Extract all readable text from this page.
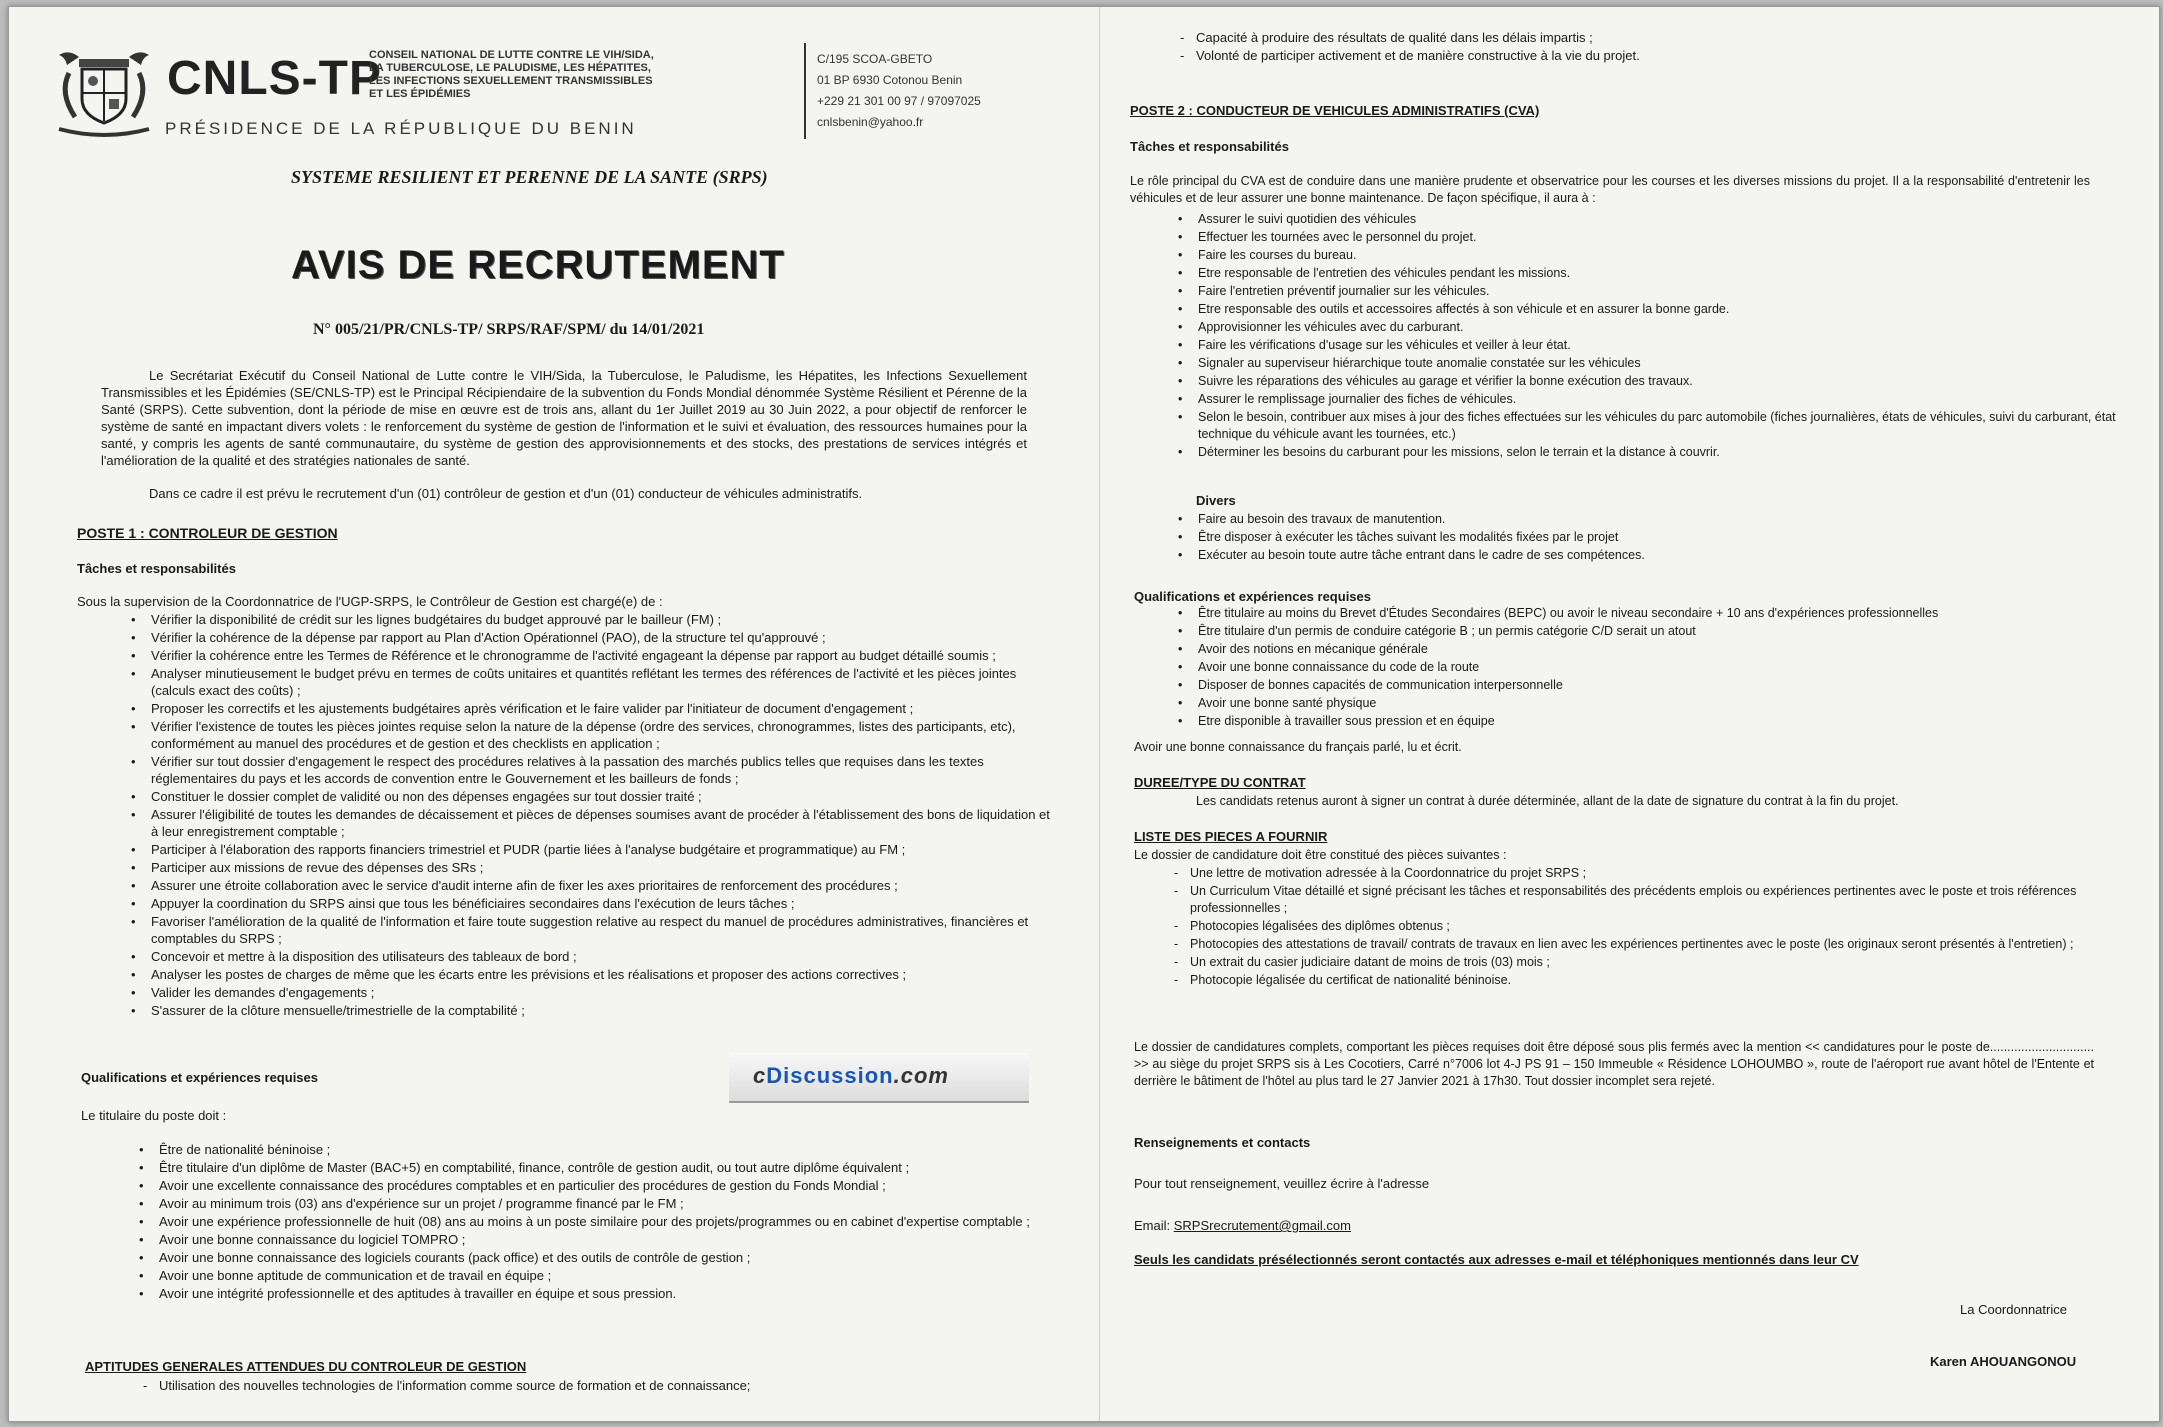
CNLS-TP
CONSEIL NATIONAL DE LUTTE CONTRE LE VIH/SIDA,
LA TUBERCULOSE, LE PALUDISME, LES HÉPATITES,
LES INFECTIONS SEXUELLEMENT TRANSMISSIBLES
ET LES ÉPIDÉMIES
PRÉSIDENCE DE LA RÉPUBLIQUE DU BENIN
C/195 SCOA-GBETO
01 BP 6930 Cotonou Benin
+229 21 301 00 97 / 97097025
cnlsbenin@yahoo.fr
SYSTEME RESILIENT ET PERENNE DE LA SANTE (SRPS)
AVIS DE RECRUTEMENT
N° 005/21/PR/CNLS-TP/ SRPS/RAF/SPM/ du 14/01/2021
Le Secrétariat Exécutif du Conseil National de Lutte contre le VIH/Sida, la Tuberculose, le Paludisme, les Hépatites, les Infections Sexuellement Transmissibles et les Épidémies (SE/CNLS-TP) est le Principal Récipiendaire de la subvention du Fonds Mondial dénommée Système Résilient et Pérenne de la Santé (SRPS). Cette subvention, dont la période de mise en œuvre est de trois ans, allant du 1er Juillet 2019 au 30 Juin 2022, a pour objectif de renforcer le système de santé en impactant divers volets : le renforcement du système de gestion de l'information et le suivi et évaluation, des ressources humaines pour la santé, y compris les agents de santé communautaire, du système de gestion des approvisionnements et des stocks, des prestations de services intégrés et l'amélioration de la qualité et des stratégies nationales de santé.
Dans ce cadre il est prévu le recrutement d'un (01) contrôleur de gestion et d'un (01) conducteur de véhicules administratifs.
POSTE 1 : CONTROLEUR DE GESTION
Tâches et responsabilités
Sous la supervision de la Coordonnatrice de l'UGP-SRPS, le Contrôleur de Gestion est chargé(e) de :
• Vérifier la disponibilité de crédit sur les lignes budgétaires du budget approuvé par le bailleur (FM) ;
• Vérifier la cohérence de la dépense par rapport au Plan d'Action Opérationnel (PAO), de la structure tel qu'approuvé ;
• Vérifier la cohérence entre les Termes de Référence et le chronogramme de l'activité engageant la dépense par rapport au budget détaillé soumis ;
• Analyser minutieusement le budget prévu en termes de coûts unitaires et quantités reflétant les termes des références de l'activité et les pièces jointes (calculs exact des coûts) ;
• Proposer les correctifs et les ajustements budgétaires après vérification et le faire valider par l'initiateur de document d'engagement ;
• Vérifier l'existence de toutes les pièces jointes requise selon la nature de la dépense (ordre des services, chronogrammes, listes des participants, etc), conformément au manuel des procédures et de gestion et des checklists en application ;
• Vérifier sur tout dossier d'engagement le respect des procédures relatives à la passation des marchés publics telles que requises dans les textes réglementaires du pays et les accords de convention entre le Gouvernement et les bailleurs de fonds ;
• Constituer le dossier complet de validité ou non des dépenses engagées sur tout dossier traité ;
• Assurer l'éligibilité de toutes les demandes de décaissement et pièces de dépenses soumises avant de procéder à l'établissement des bons de liquidation et à leur enregistrement comptable ;
• Participer à l'élaboration des rapports financiers trimestriel et PUDR (partie liées à l'analyse budgétaire et programmatique) au FM ;
• Participer aux missions de revue des dépenses des SRs ;
• Assurer une étroite collaboration avec le service d'audit interne afin de fixer les axes prioritaires de renforcement des procédures ;
• Appuyer la coordination du SRPS ainsi que tous les bénéficiaires secondaires dans l'exécution de leurs tâches ;
• Favoriser l'amélioration de la qualité de l'information et faire toute suggestion relative au respect du manuel de procédures administratives, financières et comptables du SRPS ;
• Concevoir et mettre à la disposition des utilisateurs des tableaux de bord ;
• Analyser les postes de charges de même que les écarts entre les prévisions et les réalisations et proposer des actions correctives ;
• Valider les demandes d'engagements ;
• S'assurer de la clôture mensuelle/trimestrielle de la comptabilité ;
Qualifications et expériences requises	cDiscussion.com
Le titulaire du poste doit :
• Être de nationalité béninoise ;
• Être titulaire d'un diplôme de Master (BAC+5) en comptabilité, finance, contrôle de gestion audit, ou tout autre diplôme équivalent ;
• Avoir une excellente connaissance des procédures comptables et en particulier des procédures de gestion du Fonds Mondial ;
• Avoir au minimum trois (03) ans d'expérience sur un projet / programme financé par le FM ;
• Avoir une expérience professionnelle de huit (08) ans au moins à un poste similaire pour des projets/programmes ou en cabinet d'expertise comptable ;
• Avoir une bonne connaissance du logiciel TOMPRO ;
• Avoir une bonne connaissance des logiciels courants (pack office) et des outils de contrôle de gestion ;
• Avoir une bonne aptitude de communication et de travail en équipe ;
• Avoir une intégrité professionnelle et des aptitudes à travailler en équipe et sous pression.
APTITUDES GENERALES ATTENDUES DU CONTROLEUR DE GESTION
- Utilisation des nouvelles technologies de l'information comme source de formation et de connaissance;
- Capacité à produire des résultats de qualité dans les délais impartis ;
- Volonté de participer activement et de manière constructive à la vie du projet.
POSTE 2 : CONDUCTEUR DE VEHICULES ADMINISTRATIFS (CVA)
Tâches et responsabilités
Le rôle principal du CVA est de conduire dans une manière prudente et observatrice pour les courses et les diverses missions du projet. Il a la responsabilité d'entretenir les véhicules et de leur assurer une bonne maintenance. De façon spécifique, il aura à :
• Assurer le suivi quotidien des véhicules
• Effectuer les tournées avec le personnel du projet.
• Faire les courses du bureau.
• Etre responsable de l'entretien des véhicules pendant les missions.
• Faire l'entretien préventif journalier sur les véhicules.
• Etre responsable des outils et accessoires affectés à son véhicule et en assurer la bonne garde.
• Approvisionner les véhicules avec du carburant.
• Faire les vérifications d'usage sur les véhicules et veiller à leur état.
• Signaler au superviseur hiérarchique toute anomalie constatée sur les véhicules
• Suivre les réparations des véhicules au garage et vérifier la bonne exécution des travaux.
• Assurer le remplissage journalier des fiches de véhicules.
• Selon le besoin, contribuer aux mises à jour des fiches effectuées sur les véhicules du parc automobile (fiches journalières, états de véhicules, suivi du carburant, état technique du véhicule avant les tournées, etc.)
• Déterminer les besoins du carburant pour les missions, selon le terrain et la distance à couvrir.
Divers
• Faire au besoin des travaux de manutention.
• Être disposer à exécuter les tâches suivant les modalités fixées par le projet
• Exécuter au besoin toute autre tâche entrant dans le cadre de ses compétences.
Qualifications et expériences requises
• Être titulaire au moins du Brevet d'Études Secondaires (BEPC) ou avoir le niveau secondaire + 10 ans d'expériences professionnelles
• Être titulaire d'un permis de conduire catégorie B ; un permis catégorie C/D serait un atout
• Avoir des notions en mécanique générale
• Avoir une bonne connaissance du code de la route
• Disposer de bonnes capacités de communication interpersonnelle
• Avoir une bonne santé physique
• Etre disponible à travailler sous pression et en équipe
Avoir une bonne connaissance du français parlé, lu et écrit.
DUREE/TYPE DU CONTRAT
Les candidats retenus auront à signer un contrat à durée déterminée, allant de la date de signature du contrat à la fin du projet.
LISTE DES PIECES A FOURNIR
Le dossier de candidature doit être constitué des pièces suivantes :
- Une lettre de motivation adressée à la Coordonnatrice du projet SRPS ;
- Un Curriculum Vitae détaillé et signé précisant les tâches et responsabilités des précédents emplois ou expériences pertinentes avec le poste et trois références professionnelles ;
- Photocopies légalisées des diplômes obtenus ;
- Photocopies des attestations de travail/ contrats de travaux en lien avec les expériences pertinentes avec le poste (les originaux seront présentés à l'entretien) ;
- Un extrait du casier judiciaire datant de moins de trois (03) mois ;
- Photocopie légalisée du certificat de nationalité béninoise.
Le dossier de candidatures complets, comportant les pièces requises doit être déposé sous plis fermés avec la mention << candidatures pour le poste de.............................. >> au siège du projet SRPS sis à Les Cocotiers, Carré n°7006 lot 4-J PS 91 – 150 Immeuble « Résidence LOHOUMBO », route de l'aéroport rue avant hôtel de l'Entente et derrière le bâtiment de l'hôtel au plus tard le 27 Janvier 2021 à 17h30. Tout dossier incomplet sera rejeté.
Renseignements et contacts
Pour tout renseignement, veuillez écrire à l'adresse
Email: SRPSrecrutement@gmail.com
Seuls les candidats présélectionnés seront contactés aux adresses e-mail et téléphoniques mentionnés dans leur CV
La Coordonnatrice
Karen AHOUANGONOU
